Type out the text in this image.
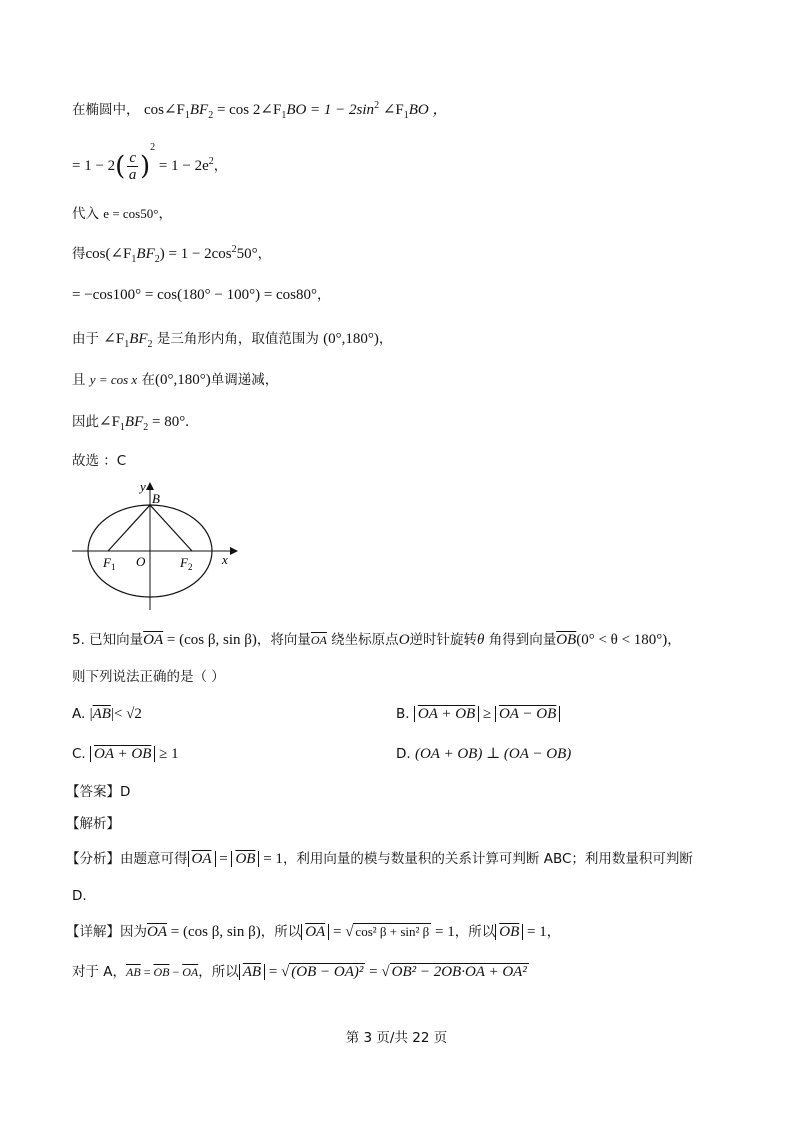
在椭圆中， $\cos\angle F_1BF_2 = \cos$ $2\angle F_1BO = 1 - 2\sin^2$ $\angle F_1BO$ ，
= $1 - 2( \frac{c}{a} )^2 = 1 - 2e^2$，
代入 e = cos50°，
得$\cos(\angle F_1BF_2) = 1 - 2\cos^250^\circ$，
= −cos100° = cos(180° − 100°) = cos80°，
由于 $\angle F_1BF_2$ 是三角形内角，取值范围为 (0°,180°)，
且 y = cos x 在(0°,180°)单调递减，
因此$\angle F_1BF_2 = 80^\circ$.
故选 ：C
y
B
x
O
$F_1$	$F_2$
5. 已知向量$\overline{OA} = (\cos$ β, sin β)，将向量$\overline{OA}$ 绕坐标原点O逆时针旋转θ 角得到向量$\overline{OB}(0^\circ < \theta < 180^\circ)$，
则下列说法正确的是（ ）
A. $|\overline{AB}|< √2$	B. OA + OB ≥ OA − OB
C. OA + OB ≥ 1	D. (OA + OB) ⊥ (OA − OB)
【答案】D
【解析】
【分析】由题意可得 $\overline{OA} = \overline{OB} = 1$，利用向量的模与数量积的关系计算可判断 ABC；利用数量积可判断
D.
【详解】因为$\overline{OA} = (\cos$ β, sin β)，所以 $\overline{OA}$ = √ cos² β + sin² β = 1，所以 $\overline{OB} = 1$，
对于 A，$\overline{AB} = \overline{OB} - \overline{OA}$，所以 $\overline{AB}$ = √ (OB − OA)² = √ OB² − 2OB·OA + OA²
第 3 页/共 22 页
